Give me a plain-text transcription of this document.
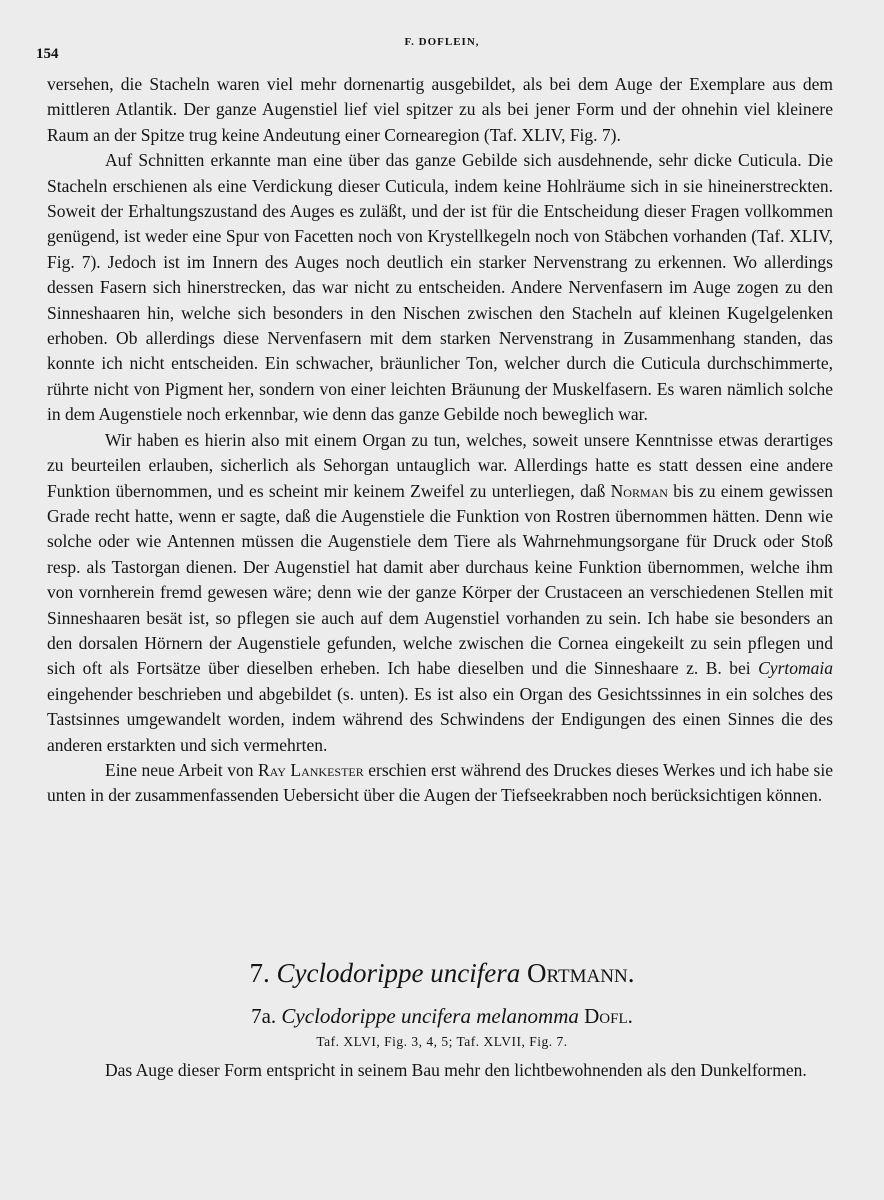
154
F. DOFLEIN,

versehen, die Stacheln waren viel mehr dornenartig ausgebildet, als bei dem Auge der Exemplare aus dem mittleren Atlantik. Der ganze Augenstiel lief viel spitzer zu als bei jener Form und der ohnehin viel kleinere Raum an der Spitze trug keine Andeutung einer Cornearegion (Taf. XLIV, Fig. 7).

Auf Schnitten erkannte man eine über das ganze Gebilde sich ausdehnende, sehr dicke Cuticula. Die Stacheln erschienen als eine Verdickung dieser Cuticula, indem keine Hohlräume sich in sie hineinerstreckten. Soweit der Erhaltungszustand des Auges es zuläßt, und der ist für die Entscheidung dieser Fragen vollkommen genügend, ist weder eine Spur von Facetten noch von Krystellkegeln noch von Stäbchen vorhanden (Taf. XLIV, Fig. 7). Jedoch ist im Innern des Auges noch deutlich ein starker Nervenstrang zu erkennen. Wo allerdings dessen Fasern sich hinerstrecken, das war nicht zu entscheiden. Andere Nervenfasern im Auge zogen zu den Sinneshaaren hin, welche sich besonders in den Nischen zwischen den Stacheln auf kleinen Kugelgelenken erhoben. Ob allerdings diese Nervenfasern mit dem starken Nervenstrang in Zusammenhang standen, das konnte ich nicht entscheiden. Ein schwacher, bräunlicher Ton, welcher durch die Cuticula durchschimmerte, rührte nicht von Pigment her, sondern von einer leichten Bräunung der Muskelfasern. Es waren nämlich solche in dem Augenstiele noch erkennbar, wie denn das ganze Gebilde noch beweglich war.

Wir haben es hierin also mit einem Organ zu tun, welches, soweit unsere Kenntnisse etwas derartiges zu beurteilen erlauben, sicherlich als Sehorgan untauglich war. Allerdings hatte es statt dessen eine andere Funktion übernommen, und es scheint mir keinem Zweifel zu unterliegen, daß Norman bis zu einem gewissen Grade recht hatte, wenn er sagte, daß die Augenstiele die Funktion von Rostren übernommen hätten. Denn wie solche oder wie Antennen müssen die Augenstiele dem Tiere als Wahrnehmungsorgane für Druck oder Stoß resp. als Tastorgan dienen. Der Augenstiel hat damit aber durchaus keine Funktion übernommen, welche ihm von vornherein fremd gewesen wäre; denn wie der ganze Körper der Crustaceen an verschiedenen Stellen mit Sinneshaaren besät ist, so pflegen sie auch auf dem Augenstiel vorhanden zu sein. Ich habe sie besonders an den dorsalen Hörnern der Augenstiele gefunden, welche zwischen die Cornea eingekeilt zu sein pflegen und sich oft als Fortsätze über dieselben erheben. Ich habe dieselben und die Sinneshaare z. B. bei Cyrtomaia eingehender beschrieben und abgebildet (s. unten). Es ist also ein Organ des Gesichtssinnes in ein solches des Tastsinnes umgewandelt worden, indem während des Schwindens der Endigungen des einen Sinnes die des anderen erstarkten und sich vermehrten.

Eine neue Arbeit von Ray Lankester erschien erst während des Druckes dieses Werkes und ich habe sie unten in der zusammenfassenden Uebersicht über die Augen der Tiefseekrabben noch berücksichtigen können.

7. Cyclodorippe uncifera Ortmann.
7a. Cyclodorippe uncifera melanomma Dofl.
Taf. XLVI, Fig. 3, 4, 5; Taf. XLVII, Fig. 7.

Das Auge dieser Form entspricht in seinem Bau mehr den lichtbewohnenden als den Dunkelformen.
